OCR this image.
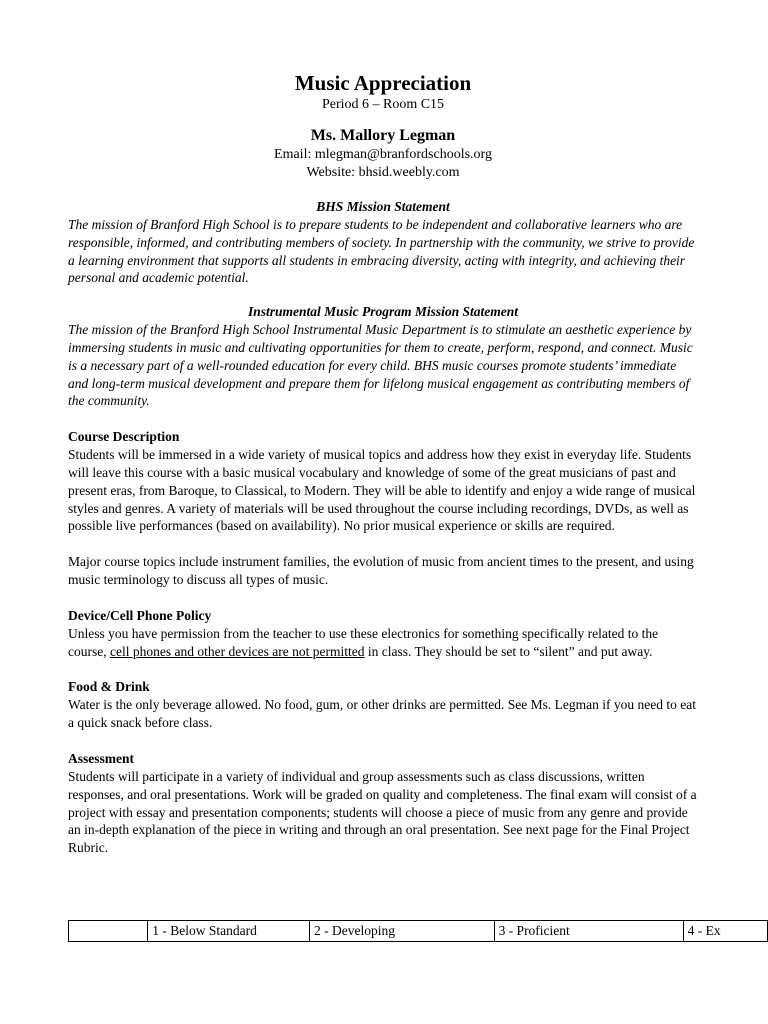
Music Appreciation

Period 6 – Room C15

Ms. Mallory Legman

Email: mlegman@branfordschools.org

Website: bhsid.weebly.com

BHS Mission Statement

The mission of Branford High School is to prepare students to be independent and collaborative learners who are responsible, informed, and contributing members of society. In partnership with the community, we strive to provide a learning environment that supports all students in embracing diversity, acting with integrity, and achieving their personal and academic potential.

Instrumental Music Program Mission Statement

The mission of the Branford High School Instrumental Music Department is to stimulate an aesthetic experience by immersing students in music and cultivating opportunities for them to create, perform, respond, and connect. Music is a necessary part of a well-rounded education for every child. BHS music courses promote students’ immediate and long-term musical development and prepare them for lifelong musical engagement as contributing members of the community.

Course Description

Students will be immersed in a wide variety of musical topics and address how they exist in everyday life. Students will leave this course with a basic musical vocabulary and knowledge of some of the great musicians of past and present eras, from Baroque, to Classical, to Modern. They will be able to identify and enjoy a wide range of musical styles and genres. A variety of materials will be used throughout the course including recordings, DVDs, as well as possible live performances (based on availability). No prior musical experience or skills are required.

Major course topics include instrument families, the evolution of music from ancient times to the present, and using music terminology to discuss all types of music.

Device/Cell Phone Policy

Unless you have permission from the teacher to use these electronics for something specifically related to the course, cell phones and other devices are not permitted in class. They should be set to “silent” and put away.

Food & Drink

Water is the only beverage allowed. No food, gum, or other drinks are permitted. See Ms. Legman if you need to eat a quick snack before class.

Assessment

Students will participate in a variety of individual and group assessments such as class discussions, written responses, and oral presentations. Work will be graded on quality and completeness. The final exam will consist of a project with essay and presentation components; students will choose a piece of music from any genre and provide an in-depth explanation of the piece in writing and through an oral presentation. See next page for the Final Project Rubric.

	1 - Below Standard	2 - Developing	3 - Proficient	4 - Ex
